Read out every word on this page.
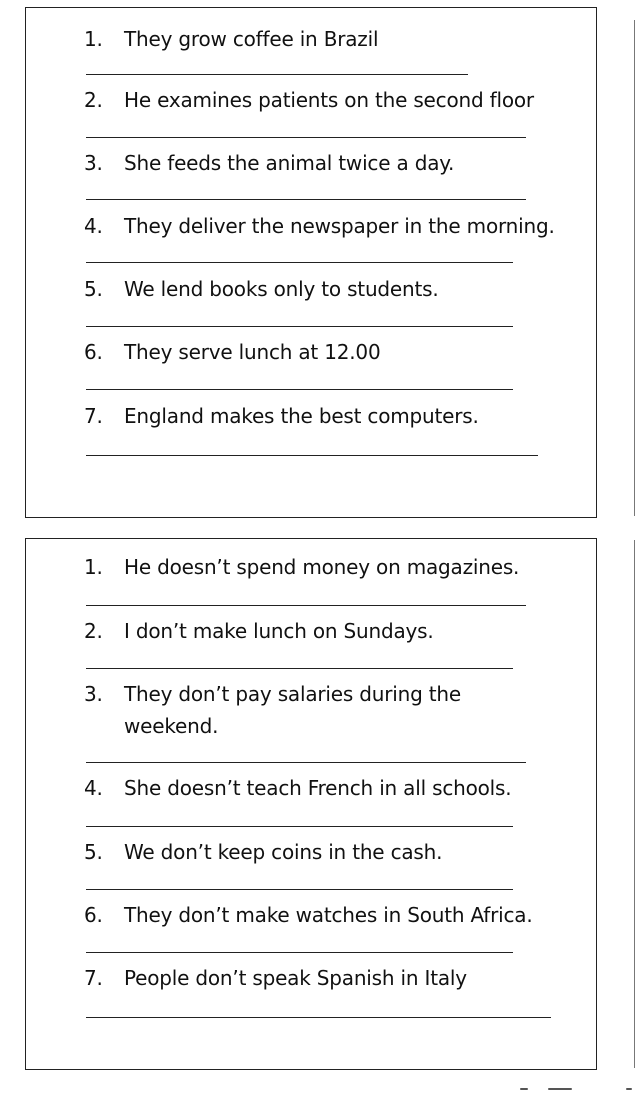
1.	They grow coffee in Brazil
2.	He examines patients on the second floor
3.	She feeds the animal twice a day.
4.	They deliver the newspaper in the morning.
5.	We lend books only to students.
6.	They serve lunch at 12.00
7.	England makes the best computers.
1.	He doesn’t spend money on magazines.
2.	I don’t make lunch on Sundays.
3.	They don’t pay salaries during the
weekend.
4.	She doesn’t teach French in all schools.
5.	We don’t keep coins in the cash.
6.	They don’t make watches in South Africa.
7.	People don’t speak Spanish in Italy
